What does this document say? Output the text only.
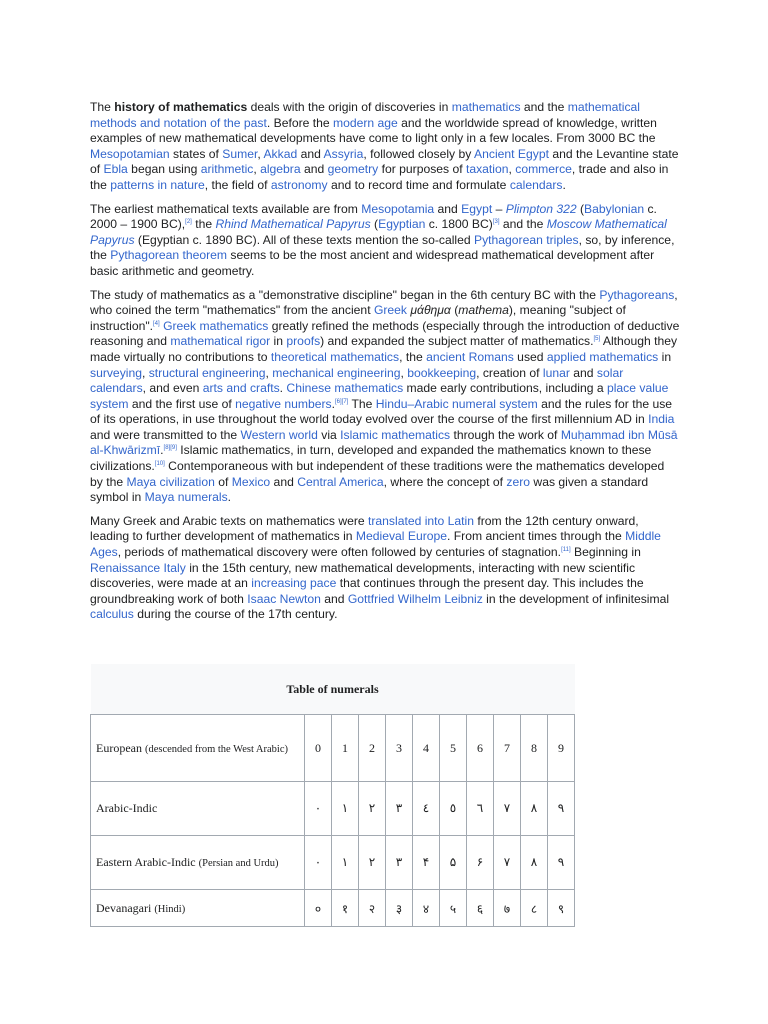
The history of mathematics deals with the origin of discoveries in mathematics and the mathematical methods and notation of the past. Before the modern age and the worldwide spread of knowledge, written examples of new mathematical developments have come to light only in a few locales. From 3000 BC the Mesopotamian states of Sumer, Akkad and Assyria, followed closely by Ancient Egypt and the Levantine state of Ebla began using arithmetic, algebra and geometry for purposes of taxation, commerce, trade and also in the patterns in nature, the field of astronomy and to record time and formulate calendars.

The earliest mathematical texts available are from Mesopotamia and Egypt – Plimpton 322 (Babylonian c. 2000 – 1900 BC),[2] the Rhind Mathematical Papyrus (Egyptian c. 1800 BC)[3] and the Moscow Mathematical Papyrus (Egyptian c. 1890 BC). All of these texts mention the so-called Pythagorean triples, so, by inference, the Pythagorean theorem seems to be the most ancient and widespread mathematical development after basic arithmetic and geometry.

The study of mathematics as a "demonstrative discipline" began in the 6th century BC with the Pythagoreans, who coined the term "mathematics" from the ancient Greek μάθημα (mathema), meaning "subject of instruction".[4] Greek mathematics greatly refined the methods (especially through the introduction of deductive reasoning and mathematical rigor in proofs) and expanded the subject matter of mathematics.[5] Although they made virtually no contributions to theoretical mathematics, the ancient Romans used applied mathematics in surveying, structural engineering, mechanical engineering, bookkeeping, creation of lunar and solar calendars, and even arts and crafts. Chinese mathematics made early contributions, including a place value system and the first use of negative numbers.[6][7] The Hindu–Arabic numeral system and the rules for the use of its operations, in use throughout the world today evolved over the course of the first millennium AD in India and were transmitted to the Western world via Islamic mathematics through the work of Muḥammad ibn Mūsā al-Khwārizmī.[8][9] Islamic mathematics, in turn, developed and expanded the mathematics known to these civilizations.[10] Contemporaneous with but independent of these traditions were the mathematics developed by the Maya civilization of Mexico and Central America, where the concept of zero was given a standard symbol in Maya numerals.

Many Greek and Arabic texts on mathematics were translated into Latin from the 12th century onward, leading to further development of mathematics in Medieval Europe. From ancient times through the Middle Ages, periods of mathematical discovery were often followed by centuries of stagnation.[11] Beginning in Renaissance Italy in the 15th century, new mathematical developments, interacting with new scientific discoveries, were made at an increasing pace that continues through the present day. This includes the groundbreaking work of both Isaac Newton and Gottfried Wilhelm Leibniz in the development of infinitesimal calculus during the course of the 17th century.

Table of numerals										
European (descended from the West Arabic)	0	1	2	3	4	5	6	7	8	9
Arabic-Indic	٠	١	٢	٣	٤	٥	٦	٧	٨	٩
Eastern Arabic-Indic (Persian and Urdu)	۰	۱	۲	۳	۴	۵	۶	۷	۸	۹
Devanagari (Hindi)	०	१	२	३	४	५	६	७	८	९
